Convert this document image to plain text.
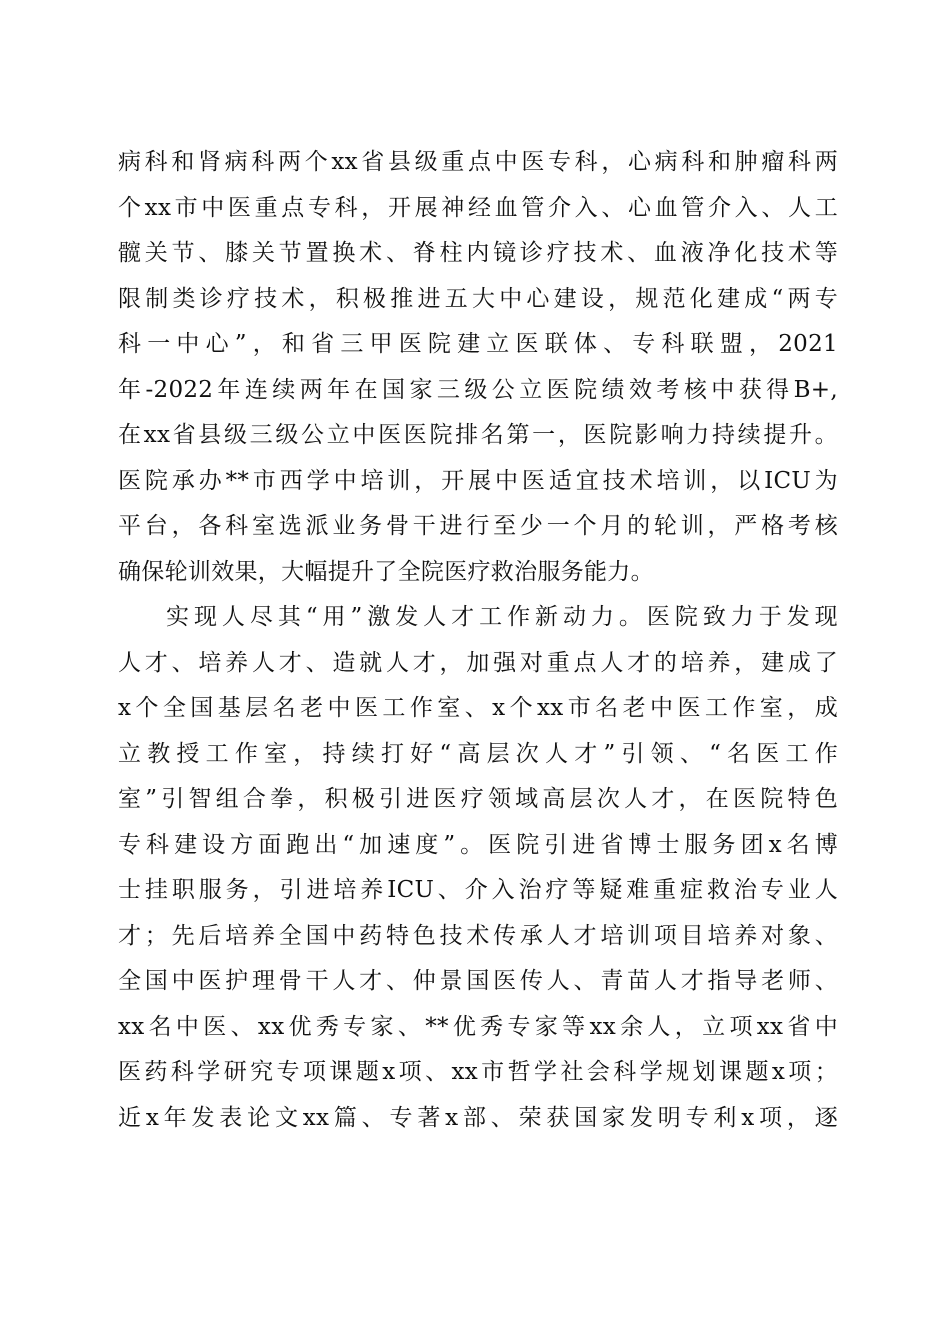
病科和肾病科两个xx省县级重点中医专科，心病科和肿瘤科两
个xx市中医重点专科，开展神经血管介入、心血管介入、人工
髋关节、膝关节置换术、脊柱内镜诊疗技术、血液净化技术等
限制类诊疗技术，积极推进五大中心建设，规范化建成“两专
科一中心”，和省三甲医院建立医联体、专科联盟，2021
年-2022年连续两年在国家三级公立医院绩效考核中获得B+,
在xx省县级三级公立中医医院排名第一，医院影响力持续提升。
医院承办**市西学中培训，开展中医适宜技术培训，以ICU为
平台，各科室选派业务骨干进行至少一个月的轮训，严格考核
确保轮训效果，大幅提升了全院医疗救治服务能力。
实现人尽其“用”激发人才工作新动力。医院致力于发现
人才、培养人才、造就人才，加强对重点人才的培养，建成了
x个全国基层名老中医工作室、x个xx市名老中医工作室，成
立教授工作室，持续打好“高层次人才”引领、“名医工作
室”引智组合拳，积极引进医疗领域高层次人才，在医院特色
专科建设方面跑出“加速度”。医院引进省博士服务团x名博
士挂职服务，引进培养ICU、介入治疗等疑难重症救治专业人
才；先后培养全国中药特色技术传承人才培训项目培养对象、
全国中医护理骨干人才、仲景国医传人、青苗人才指导老师、
xx名中医、xx优秀专家、**优秀专家等xx余人，立项xx省中
医药科学研究专项课题x项、xx市哲学社会科学规划课题x项；
近x年发表论文xx篇、专著x部、荣获国家发明专利x项，逐
